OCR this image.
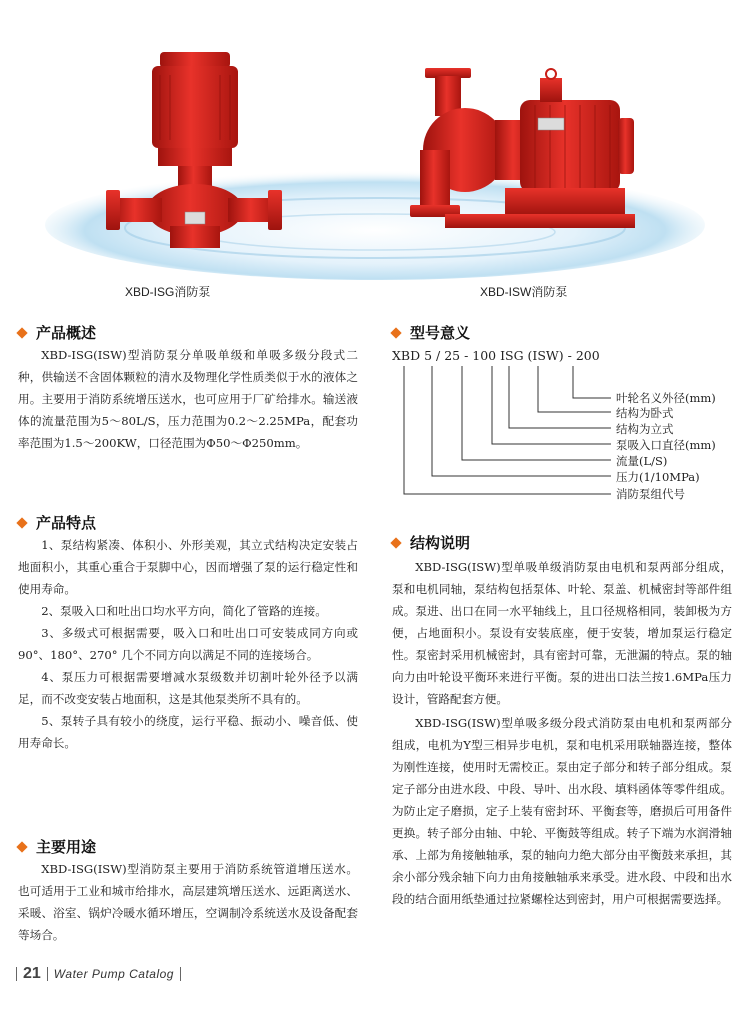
XBD-ISG消防泵	XBD-ISW消防泵
产品概述

XBD-ISG(ISW)型消防泵分单吸单级和单吸多级分段式二种，供输送不含固体颗粒的清水及物理化学性质类似于水的液体之用。主要用于消防系统增压送水，也可应用于厂矿给排水。输送液体的流量范围为5～80L/S，压力范围为0.2～2.25MPa，配套功率范围为1.5～200KW，口径范围为Φ50～Φ250mm。

产品特点

1、泵结构紧凑、体积小、外形美观，其立式结构决定安装占地面积小，其重心重合于泵脚中心，因而增强了泵的运行稳定性和使用寿命。

2、泵吸入口和吐出口均水平方向，简化了管路的连接。

3、多级式可根据需要，吸入口和吐出口可安装成同方向或90°、180°、270° 几个不同方向以满足不同的连接场合。

4、泵压力可根据需要增减水泵级数并切割叶轮外径予以满足，而不改变安装占地面积，这是其他泵类所不具有的。

5、泵转子具有较小的绕度，运行平稳、振动小、噪音低、使用寿命长。

主要用途

XBD-ISG(ISW)型消防泵主要用于消防系统管道增压送水。也可适用于工业和城市给排水，高层建筑增压送水、远距离送水、采暖、浴室、锅炉冷暖水循环增压，空调制冷系统送水及设备配套等场合。

型号意义
XBD 5 / 25 - 100 ISG (ISW) - 200
叶轮名义外径(mm)
结构为卧式
结构为立式
泵吸入口直径(mm)
流量(L/S)
压力(1/10MPa)
消防泵组代号
结构说明

XBD-ISG(ISW)型单吸单级消防泵由电机和泵两部分组成，泵和电机同轴，泵结构包括泵体、叶轮、泵盖、机械密封等部件组成。泵进、出口在同一水平轴线上，且口径规格相同，装卸极为方便，占地面积小。泵设有安装底座，便于安装，增加泵运行稳定性。泵密封采用机械密封，具有密封可靠，无泄漏的特点。泵的轴向力由叶轮设平衡环来进行平衡。泵的进出口法兰按1.6MPa压力设计，管路配套方便。

XBD-ISG(ISW)型单吸多级分段式消防泵由电机和泵两部分组成，电机为Y型三相异步电机，泵和电机采用联轴器连接，整体为刚性连接，使用时无需校正。泵由定子部分和转子部分组成。泵定子部分由进水段、中段、导叶、出水段、填料函体等零件组成。为防止定子磨损，定子上装有密封环、平衡套等，磨损后可用备件更换。转子部分由轴、中轮、平衡鼓等组成。转子下端为水润滑轴承、上部为角接触轴承，泵的轴向力绝大部分由平衡鼓来承担，其余小部分残余轴下向力由角接触轴承来承受。进水段、中段和出水段的结合面用纸垫通过拉紧螺栓达到密封，用户可根据需要选择。

21 Water Pump Catalog
